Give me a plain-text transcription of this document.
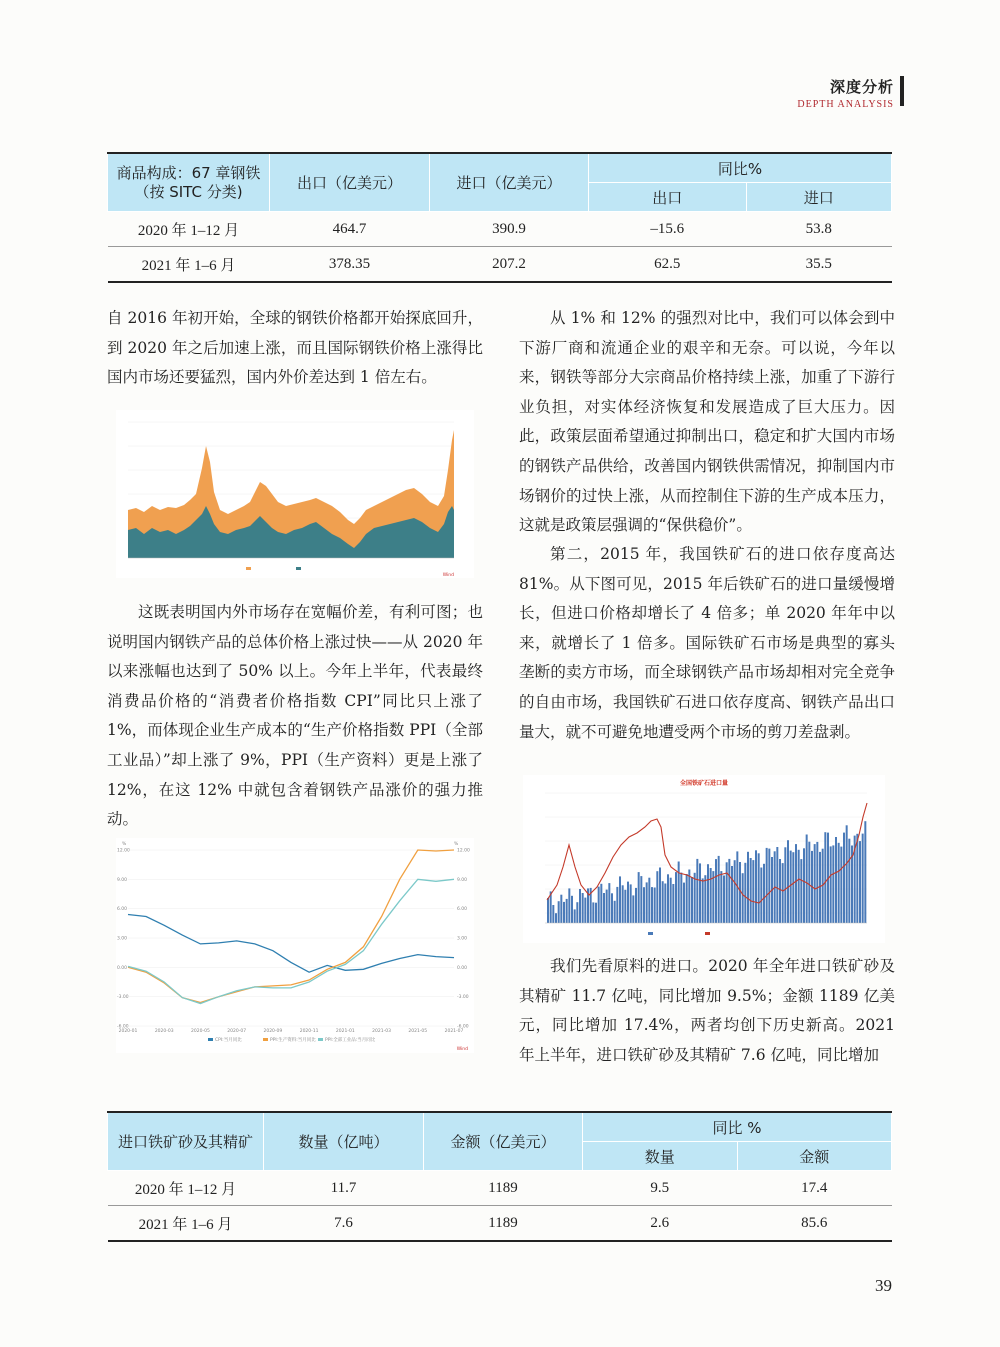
深度分析
DEPTH ANALYSIS
商品构成：67 章钢铁（按 SITC 分类)	出口（亿美元）	进口（亿美元）	同比%	
			出口	进口
2020 年 1–12 月	464.7	390.9	–15.6	53.8
2021 年 1–6 月	378.35	207.2	62.5	35.5
自 2016 年初开始，全球的钢铁价格都开始探底回升，到 2020 年之后加速上涨，而且国际钢铁价格上涨得比国内市场还要猛烈，国内外价差达到 1 倍左右。
Wind
这既表明国内外市场存在宽幅价差，有利可图；也说明国内钢铁产品的总体价格上涨过快——从 2020 年以来涨幅也达到了 50% 以上。今年上半年，代表最终消费品价格的“消费者价格指数 CPI”同比只上涨了 1%，而体现企业生产成本的“生产价格指数 PPI（全部工业品）”却上涨了 9%，PPI（生产资料）更是上涨了 12%，在这 12% 中就包含着钢铁产品涨价的强力推动。
%	%
12.00	12.00
9.00	9.00
6.00	6.00
3.00	3.00
0.00	0.00
-3.00	-3.00
-6.00	-6.00
2020-01	2020-03	2020-05	2020-07	2020-09	2020-11	2021-01	2021-03	2021-05	2021-07
CPI:当月同比	PPI:生产资料:当月同比 PPI:全部工业品:当月同比
Wind
从 1% 和 12% 的强烈对比中，我们可以体会到中下游厂商和流通企业的艰辛和无奈。可以说，今年以来，钢铁等部分大宗商品价格持续上涨，加重了下游行业负担，对实体经济恢复和发展造成了巨大压力。因此，政策层面希望通过抑制出口，稳定和扩大国内市场的钢铁产品供给，改善国内钢铁供需情况，抑制国内市场钢价的过快上涨，从而控制住下游的生产成本压力，这就是政策层强调的“保供稳价”。
第二，2015 年，我国铁矿石的进口依存度高达 81%。从下图可见，2015 年后铁矿石的进口量缓慢增长，但进口价格却增长了 4 倍多；单 2020 年年中以来，就增长了 1 倍多。国际铁矿石市场是典型的寡头垄断的卖方市场，而全球钢铁产品市场却相对完全竞争的自由市场，我国铁矿石进口依存度高、钢铁产品出口量大，就不可避免地遭受两个市场的剪刀差盘剥。
全国铁矿石进口量
我们先看原料的进口。2020 年全年进口铁矿砂及其精矿 11.7 亿吨，同比增加 9.5%；金额 1189 亿美元，同比增加 17.4%，两者均创下历史新高。2021 年上半年，进口铁矿砂及其精矿 7.6 亿吨，同比增加
进口铁矿砂及其精矿	数量（亿吨）	金额（亿美元）	同比 %	
			数量	金额
2020 年 1–12 月	11.7	1189	9.5	17.4
2021 年 1–6 月	7.6	1189	2.6	85.6
39
